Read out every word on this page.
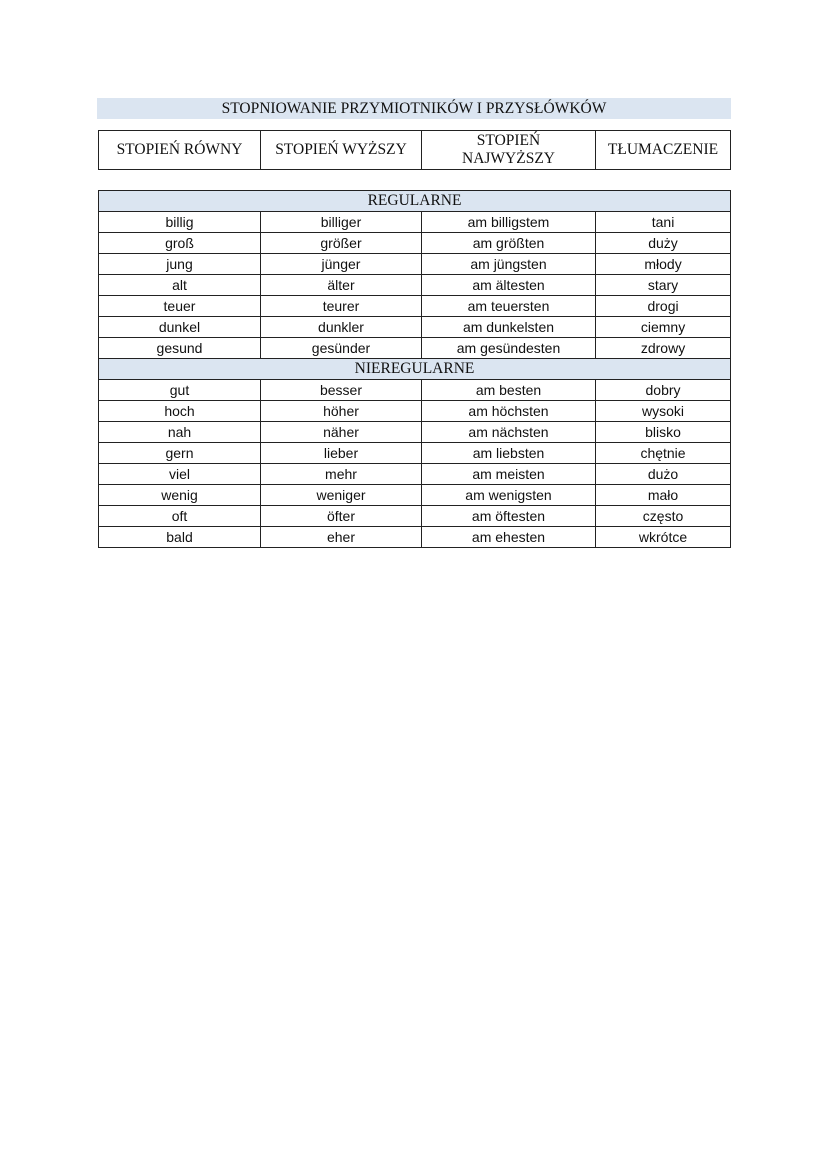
STOPNIOWANIE PRZYMIOTNIKÓW I PRZYSŁÓWKÓW
STOPIEŃ RÓWNY	STOPIEŃ WYŻSZY	STOPIEŃ NAJWYŻSZY	TŁUMACZENIE
REGULARNE			
billig	billiger	am billigstem	tani
groß	größer	am größten	duży
jung	jünger	am jüngsten	młody
alt	älter	am ältesten	stary
teuer	teurer	am teuersten	drogi
dunkel	dunkler	am dunkelsten	ciemny
gesund	gesünder	am gesündesten	zdrowy
NIEREGULARNE			
gut	besser	am besten	dobry
hoch	höher	am höchsten	wysoki
nah	näher	am nächsten	blisko
gern	lieber	am liebsten	chętnie
viel	mehr	am meisten	dużo
wenig	weniger	am wenigsten	mało
oft	öfter	am öftesten	często
bald	eher	am ehesten	wkrótce
